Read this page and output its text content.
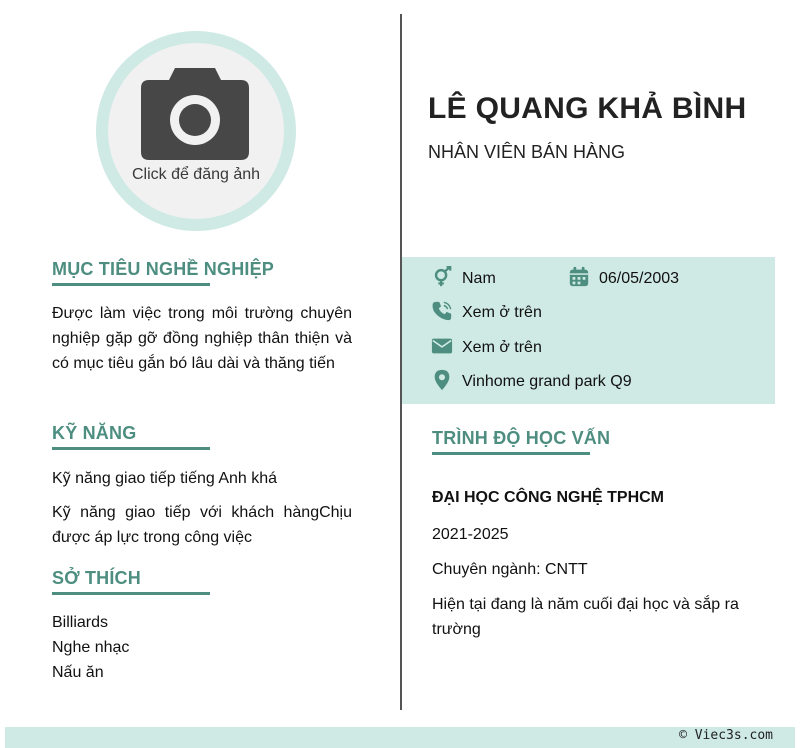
Click để đăng ảnh
MỤC TIÊU NGHỀ NGHIỆP
Được làm việc trong môi trường chuyên nghiệp gặp gỡ đồng nghiệp thân thiện và có mục tiêu gắn bó lâu dài và thăng tiến
KỸ NĂNG
Kỹ năng giao tiếp tiếng Anh khá
Kỹ năng giao tiếp với khách hàngChịu được áp lực trong công việc
SỞ THÍCH
Billiards
Nghe nhạc
Nấu ăn
LÊ QUANG KHẢ BÌNH
NHÂN VIÊN BÁN HÀNG
Nam	06/05/2003
Xem ở trên
Xem ở trên
Vinhome grand park Q9
TRÌNH ĐỘ HỌC VẤN
ĐẠI HỌC CÔNG NGHỆ TPHCM
2021-2025
Chuyên ngành: CNTT
Hiện tại đang là năm cuối đại học và sắp ra trường
© Viec3s.com
